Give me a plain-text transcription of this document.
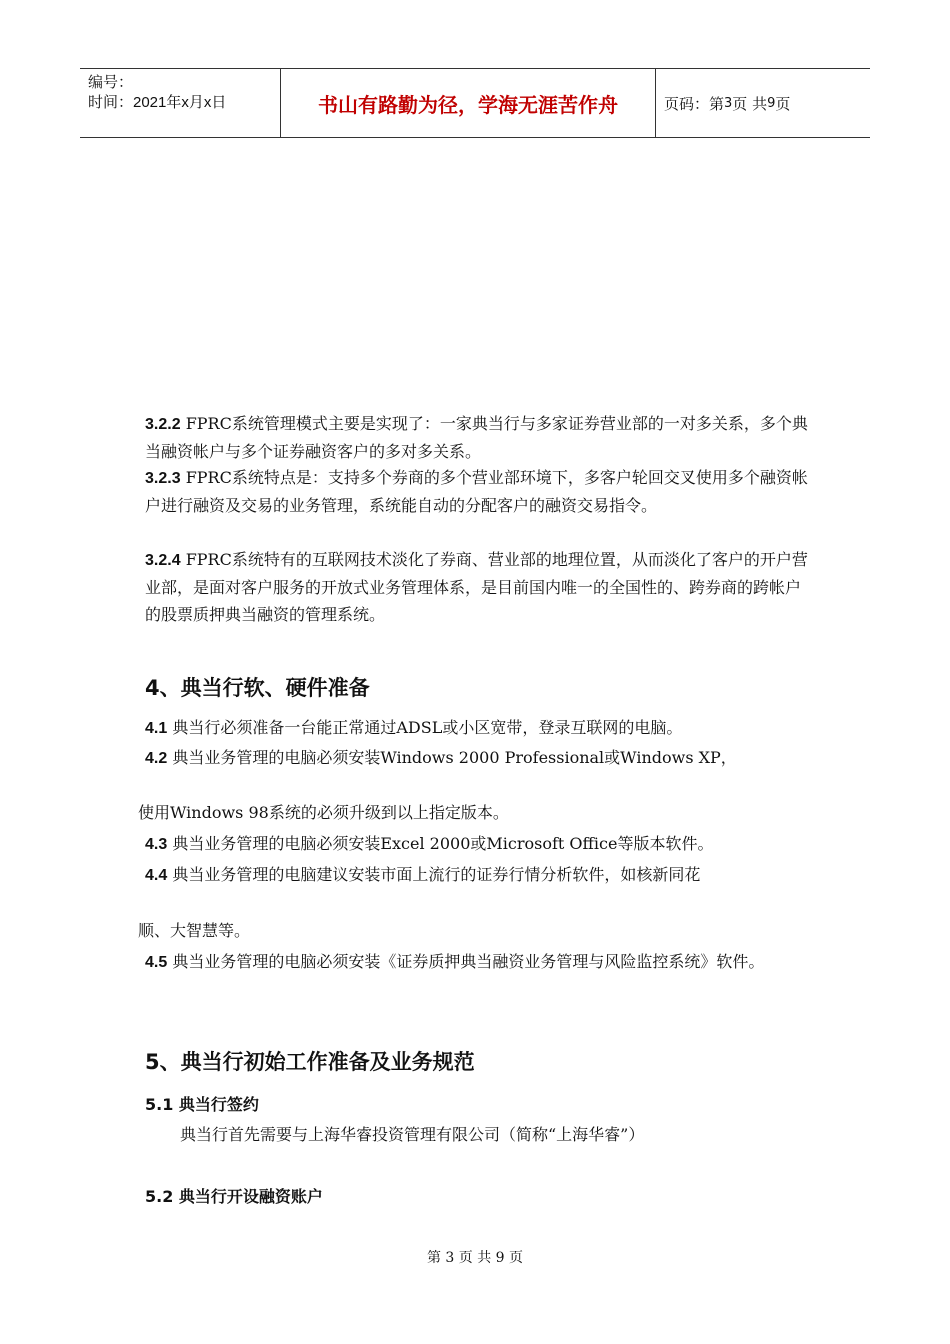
编号：
时间：2021年x月x日	书山有路勤为径，学海无涯苦作舟	页码：第 3 页 共 9 页
3.2.2 FPRC系统管理模式主要是实现了：一家典当行与多家证券营业部的一对多关系，多个典当融资帐户与多个证券融资客户的多对多关系。
3.2.3 FPRC系统特点是：支持多个券商的多个营业部环境下，多客户轮回交叉使用多个融资帐户进行融资及交易的业务管理，系统能自动的分配客户的融资交易指令。
3.2.4 FPRC系统特有的互联网技术淡化了券商、营业部的地理位置，从而淡化了客户的开户营业部，是面对客户服务的开放式业务管理体系，是目前国内唯一的全国性的、跨券商的跨帐户的股票质押典当融资的管理系统。
4、典当行软、硬件准备
4.1 典当行必须准备一台能正常通过ADSL或小区宽带，登录互联网的电脑。
4.2 典当业务管理的电脑必须安装Windows 2000 Professional或Windows XP，
使用Windows 98系统的必须升级到以上指定版本。
4.3 典当业务管理的电脑必须安装Excel 2000或Microsoft Office等版本软件。
4.4 典当业务管理的电脑建议安装市面上流行的证券行情分析软件，如核新同花
顺、大智慧等。
4.5 典当业务管理的电脑必须安装《证券质押典当融资业务管理与风险监控系统》软件。
5、典当行初始工作准备及业务规范
5.1 典当行签约
典当行首先需要与上海华睿投资管理有限公司（简称“上海华睿”）
5.2 典当行开设融资账户
第 3 页 共 9 页
